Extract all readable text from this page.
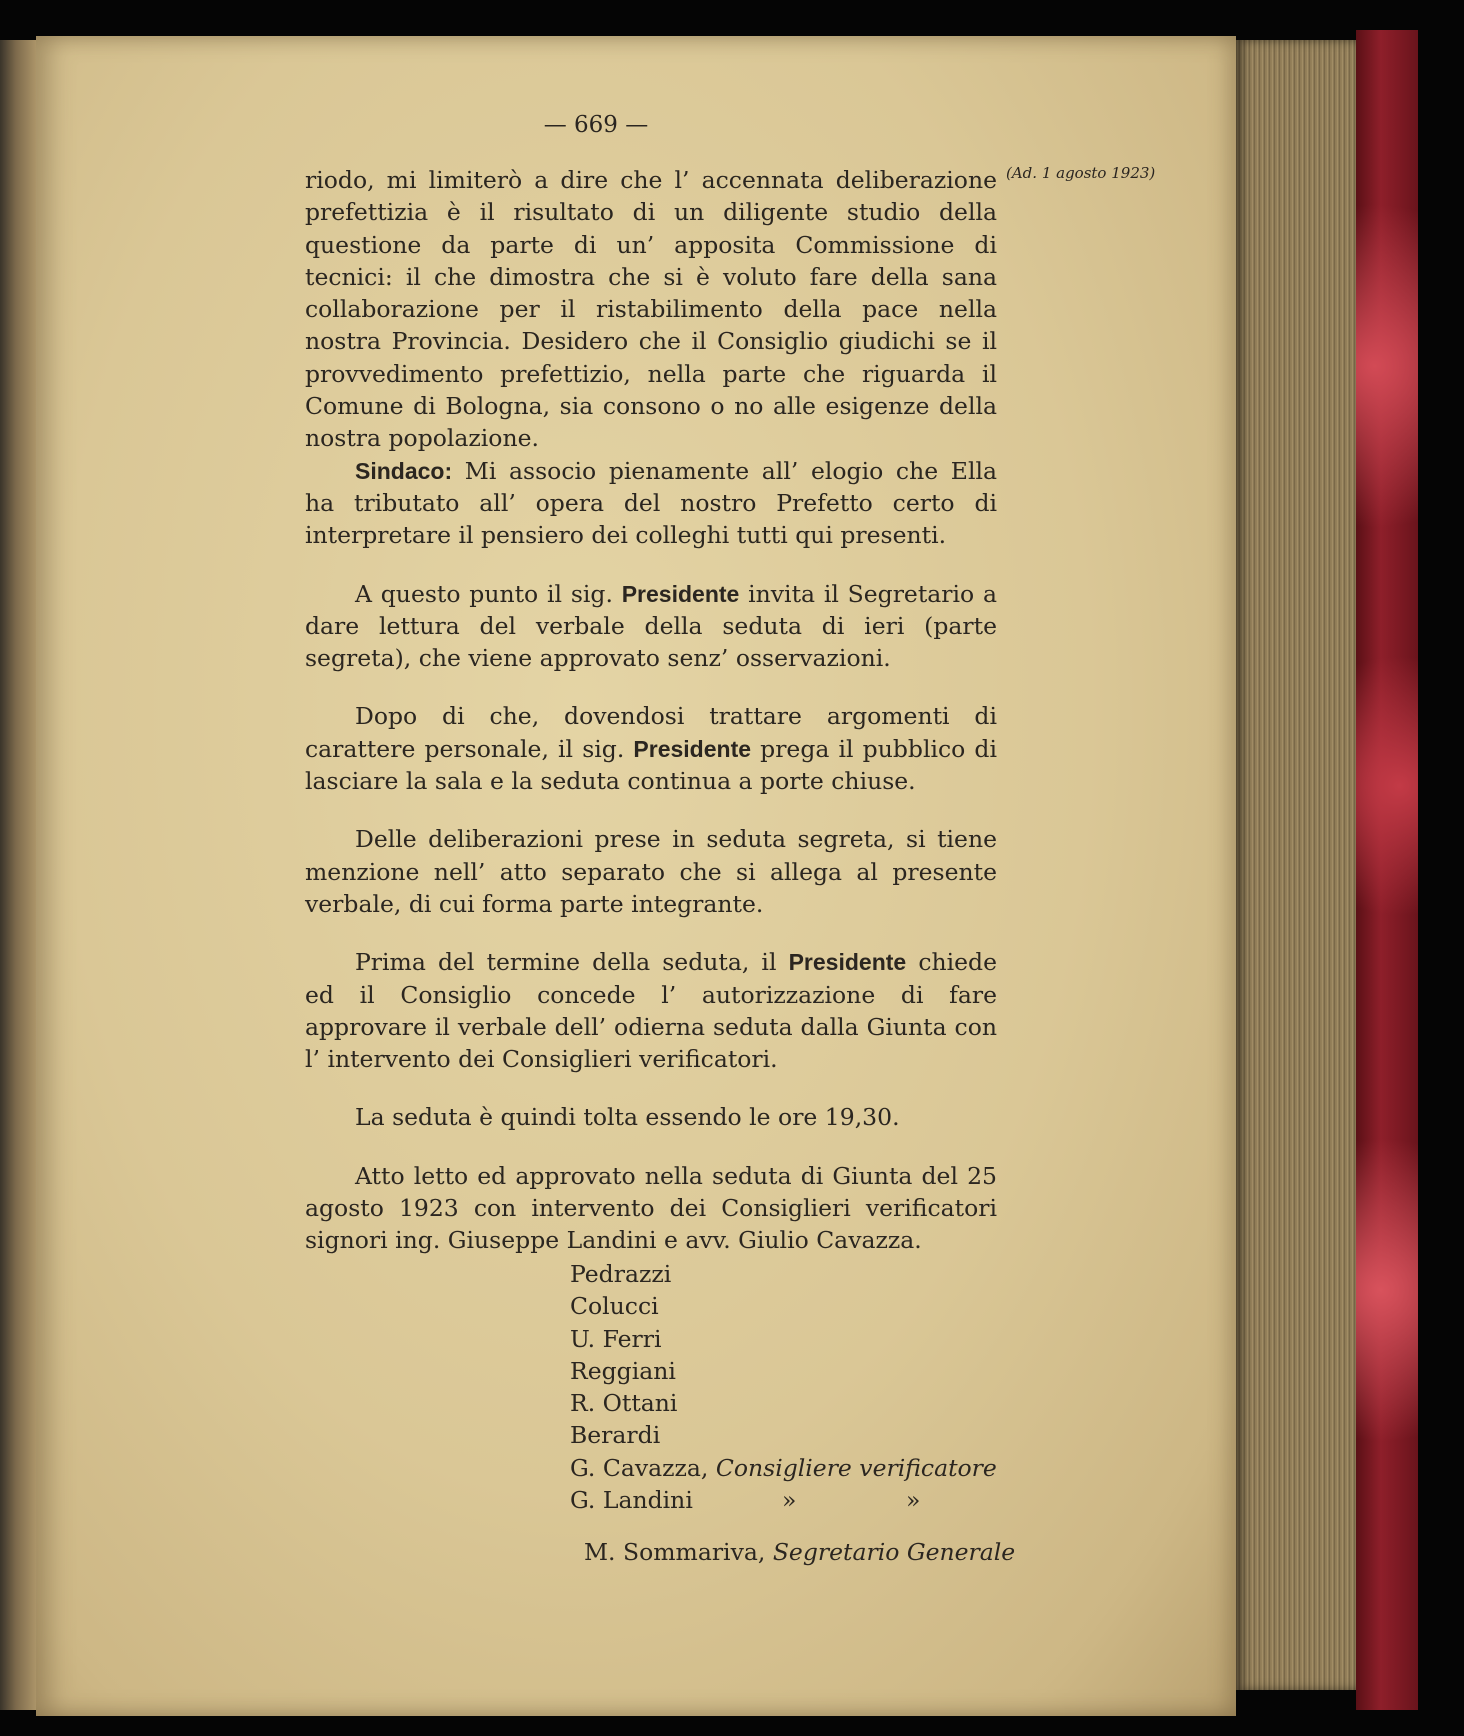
— 669 —
(Ad. 1 agosto 1923)

riodo, mi limiterò a dire che l’ accennata deliberazione prefettizia è il risultato di un diligente studio della questione da parte di un’ apposita Commissione di tecnici: il che dimostra che si è voluto fare della sana collaborazione per il ristabilimento della pace nella nostra Provincia. Desidero che il Consiglio giudichi se il provvedimento prefettizio, nella parte che riguarda il Comune di Bologna, sia consono o no alle esigenze della nostra popolazione.

Sindaco: Mi associo pienamente all’ elogio che Ella ha tributato all’ opera del nostro Prefetto certo di interpretare il pensiero dei colleghi tutti qui presenti.

A questo punto il sig. Presidente invita il Segretario a dare lettura del verbale della seduta di ieri (parte segreta), che viene approvato senz’ osservazioni.

Dopo di che, dovendosi trattare argomenti di carattere personale, il sig. Presidente prega il pubblico di lasciare la sala e la seduta continua a porte chiuse.

Delle deliberazioni prese in seduta segreta, si tiene menzione nell’ atto separato che si allega al presente verbale, di cui forma parte integrante.

Prima del termine della seduta, il Presidente chiede ed il Consiglio concede l’ autorizzazione di fare approvare il verbale dell’ odierna seduta dalla Giunta con l’ intervento dei Consiglieri verificatori.

La seduta è quindi tolta essendo le ore 19,30.

Atto letto ed approvato nella seduta di Giunta del 25 agosto 1923 con intervento dei Consiglieri verificatori signori ing. Giuseppe Landini e avv. Giulio Cavazza.

Pedrazzi
Colucci
U. Ferri
Reggiani
R. Ottani
Berardi
G. Cavazza, Consigliere verificatore
G. Landini	»	»
M. Sommariva, Segretario Generale
